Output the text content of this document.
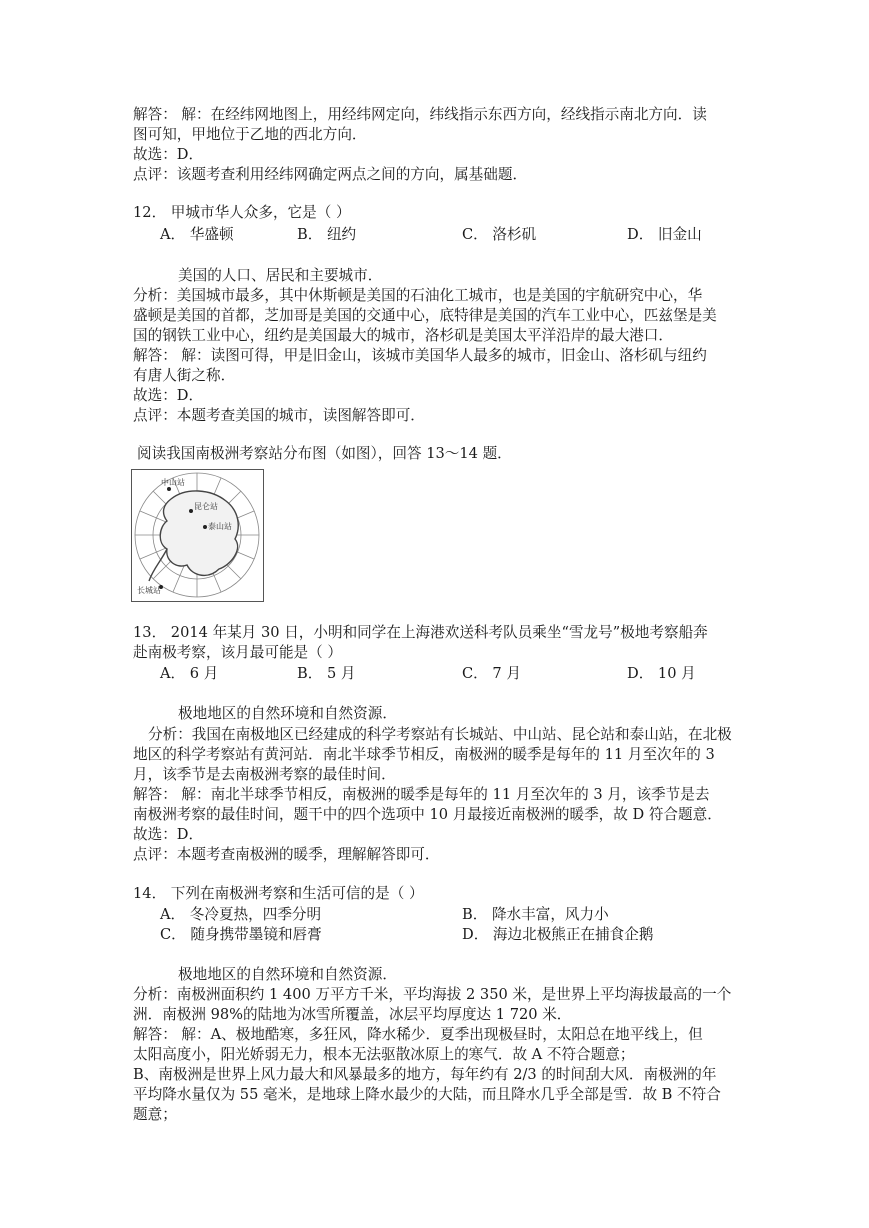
解答： 解：在经纬网地图上，用经纬网定向，纬线指示东西方向，经线指示南北方向．读
图可知，甲地位于乙地的西北方向．
故选：D．
点评：该题考查利用经纬网确定两点之间的方向，属基础题．
12． 甲城市华人众多，它是（ ）
A． 华盛顿	B． 纽约	C． 洛杉矶	D． 旧金山
美国的人口、居民和主要城市．
分析：美国城市最多，其中休斯顿是美国的石油化工城市，也是美国的宇航研究中心，华
盛顿是美国的首都，芝加哥是美国的交通中心，底特律是美国的汽车工业中心，匹兹堡是美
国的钢铁工业中心，纽约是美国最大的城市，洛杉矶是美国太平洋沿岸的最大港口．
解答： 解：读图可得，甲是旧金山，该城市美国华人最多的城市，旧金山、洛杉矶与纽约
有唐人街之称．
故选：D．
点评：本题考查美国的城市，读图解答即可．
阅读我国南极洲考察站分布图（如图），回答 13～14 题．
中山站
昆仑站
泰山站
长城站
13． 2014 年某月 30 日，小明和同学在上海港欢送科考队员乘坐“雪龙号”极地考察船奔
赴南极考察，该月最可能是（ ）
A． 6 月	B． 5 月	C． 7 月	D． 10 月
极地地区的自然环境和自然资源．
分析：我国在南极地区已经建成的科学考察站有长城站、中山站、昆仑站和泰山站，在北极
地区的科学考察站有黄河站．南北半球季节相反，南极洲的暖季是每年的 11 月至次年的 3
月，该季节是去南极洲考察的最佳时间．
解答： 解：南北半球季节相反，南极洲的暖季是每年的 11 月至次年的 3 月，该季节是去
南极洲考察的最佳时间，题干中的四个选项中 10 月最接近南极洲的暖季，故 D 符合题意．
故选：D．
点评：本题考查南极洲的暖季，理解解答即可．
14． 下列在南极洲考察和生活可信的是（ ）
A． 冬冷夏热，四季分明	B． 降水丰富，风力小
C． 随身携带墨镜和唇膏	D． 海边北极熊正在捕食企鹅
极地地区的自然环境和自然资源．
分析：南极洲面积约 1 400 万平方千米，平均海拔 2 350 米，是世界上平均海拔最高的一个
洲．南极洲 98%的陆地为冰雪所覆盖，冰层平均厚度达 1 720 米．
解答： 解：A、极地酷寒，多狂风，降水稀少．夏季出现极昼时，太阳总在地平线上，但
太阳高度小，阳光娇弱无力，根本无法驱散冰原上的寒气．故 A 不符合题意；
B、南极洲是世界上风力最大和风暴最多的地方，每年约有 2/3 的时间刮大风．南极洲的年
平均降水量仅为 55 毫米，是地球上降水最少的大陆，而且降水几乎全部是雪．故 B 不符合
题意；
